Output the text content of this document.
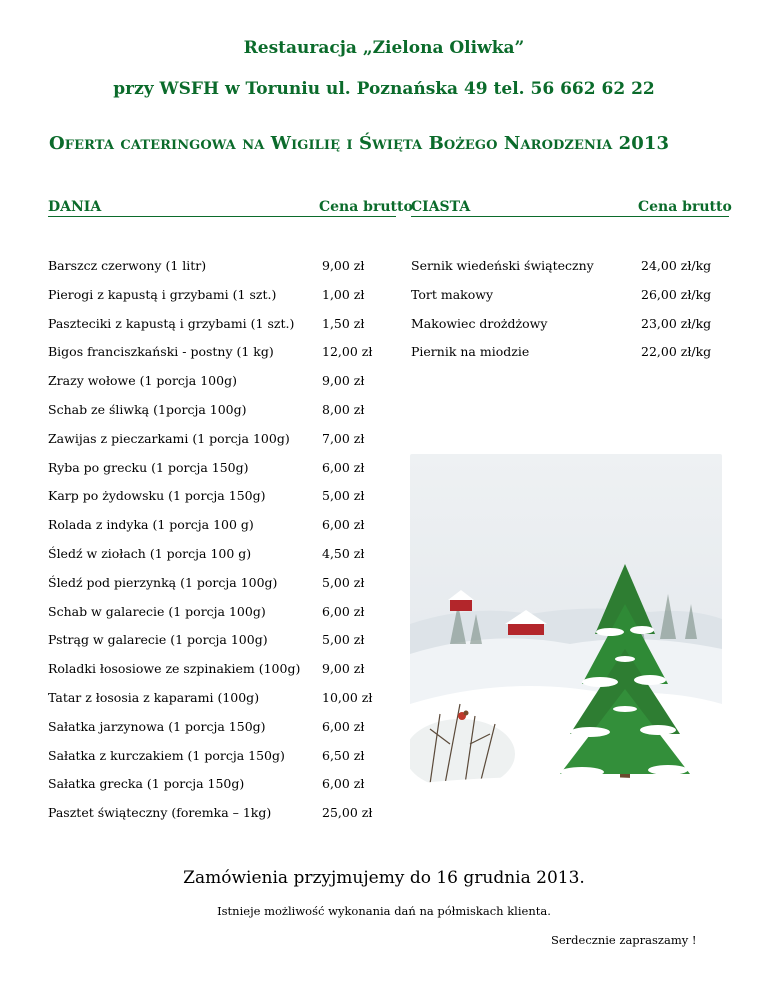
Restauracja „Zielona Oliwka”
przy WSFH w Toruniu ul. Poznańska 49 tel. 56 662 62 22
Oferta cateringowa na Wigilię i Święta Bożego Narodzenia 2013
DANIA	Cena brutto
CIASTA	Cena brutto
Barszcz czerwony (1 litr)	9,00 zł
Pierogi z kapustą i grzybami (1 szt.)	1,00 zł
Paszteciki z kapustą i grzybami (1 szt.) 1,50 zł
Bigos franciszkański - postny (1 kg)	12,00 zł
Zrazy wołowe (1 porcja 100g)	9,00 zł
Schab ze śliwką (1porcja 100g)	8,00 zł
Zawijas z pieczarkami (1 porcja 100g)	7,00 zł
Ryba po grecku (1 porcja 150g)	6,00 zł
Karp po żydowsku (1 porcja 150g)	5,00 zł
Rolada z indyka (1 porcja 100 g)	6,00 zł
Śledź w ziołach (1 porcja 100 g)	4,50 zł
Śledź pod pierzynką (1 porcja 100g)	5,00 zł
Schab w galarecie (1 porcja 100g)	6,00 zł
Pstrąg w galarecie (1 porcja 100g)	5,00 zł
Roladki łososiowe ze szpinakiem (100g) 9,00 zł
Tatar z łososia z kaparami (100g)	10,00 zł
Sałatka jarzynowa (1 porcja 150g)	6,00 zł
Sałatka z kurczakiem (1 porcja 150g)	6,50 zł
Sałatka grecka (1 porcja 150g)	6,00 zł
Pasztet świąteczny (foremka – 1kg)	25,00 zł
Sernik wiedeński świąteczny	24,00 zł/kg
Tort makowy	26,00 zł/kg
Makowiec drożdżowy	23,00 zł/kg
Piernik na miodzie	22,00 zł/kg
Zamówienia przyjmujemy do 16 grudnia 2013.
Istnieje możliwość wykonania dań na półmiskach klienta.
Serdecznie zapraszamy !
